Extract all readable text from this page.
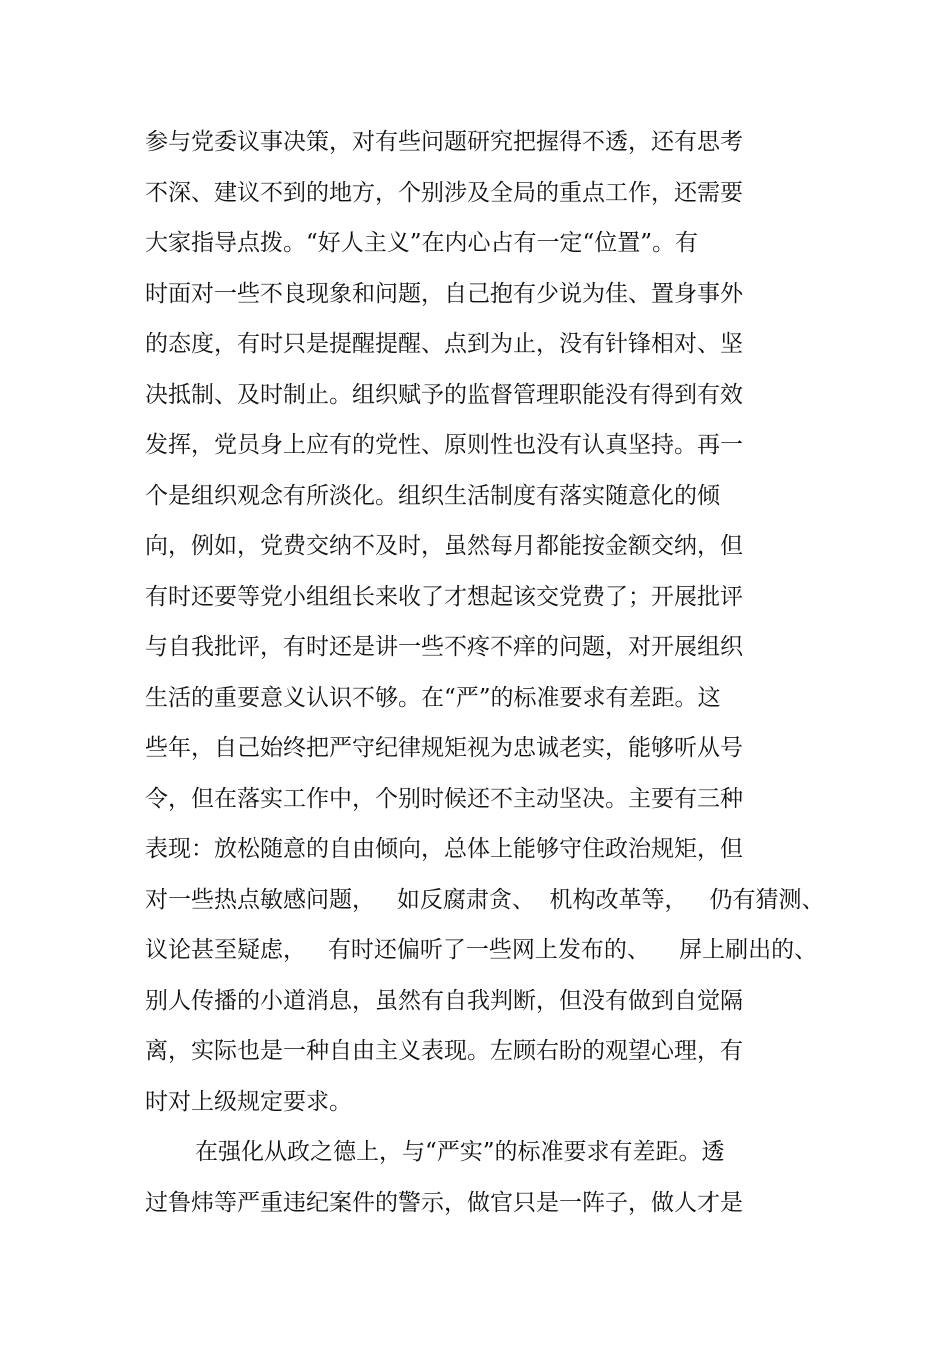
参与党委议事决策，对有些问题研究把握得不透，还有思考
不深、建议不到的地方，个别涉及全局的重点工作，还需要
大家指导点拨。“好人主义”在内心占有一定“位置”。有
时面对一些不良现象和问题，自己抱有少说为佳、置身事外
的态度，有时只是提醒提醒、点到为止，没有针锋相对、坚
决抵制、及时制止。组织赋予的监督管理职能没有得到有效
发挥，党员身上应有的党性、原则性也没有认真坚持。再一
个是组织观念有所淡化。组织生活制度有落实随意化的倾
向，例如，党费交纳不及时，虽然每月都能按金额交纳，但
有时还要等党小组组长来收了才想起该交党费了；开展批评
与自我批评，有时还是讲一些不疼不痒的问题，对开展组织
生活的重要意义认识不够。在“严”的标准要求有差距。这
些年，自己始终把严守纪律规矩视为忠诚老实，能够听从号
令，但在落实工作中，个别时候还不主动坚决。主要有三种
表现：放松随意的自由倾向，总体上能够守住政治规矩，但
对一些热点敏感问题，   如反腐肃贪、  机构改革等，   仍有猜测、
议论甚至疑虑，   有时还偏听了一些网上发布的、    屏上刷出的、
别人传播的小道消息，虽然有自我判断，但没有做到自觉隔
离，实际也是一种自由主义表现。左顾右盼的观望心理，有
时对上级规定要求。
在强化从政之德上，与“严实”的标准要求有差距。透
过鲁炜等严重违纪案件的警示，做官只是一阵子，做人才是
